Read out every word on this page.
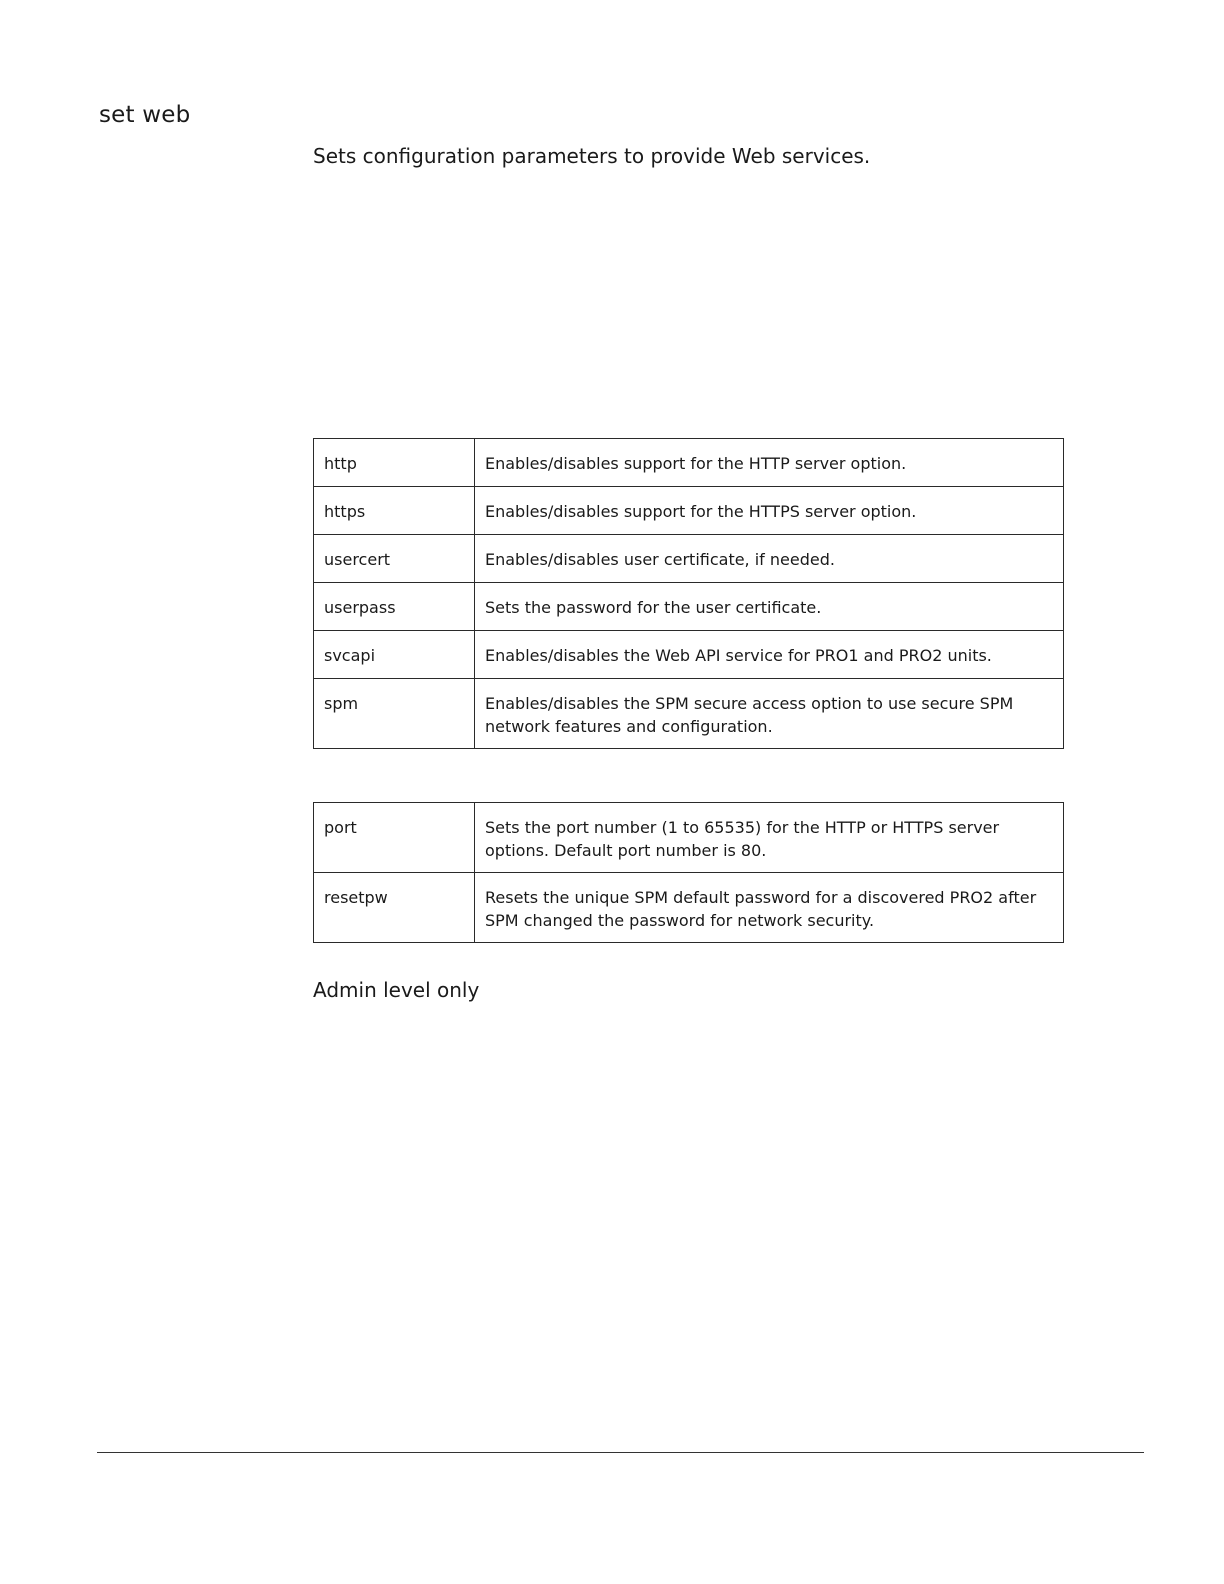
set web

Sets configuration parameters to provide Web services.

http	Enables/disables support for the HTTP server option.
https	Enables/disables support for the HTTPS server option.
usercert	Enables/disables user certificate, if needed.
userpass	Sets the password for the user certificate.
svcapi	Enables/disables the Web API service for PRO1 and PRO2 units.
spm	Enables/disables the SPM secure access option to use secure SPM network features and configuration.
port	Sets the port number (1 to 65535) for the HTTP or HTTPS server options. Default port number is 80.
resetpw	Resets the unique SPM default password for a discovered PRO2 after SPM changed the password for network security.

Admin level only
